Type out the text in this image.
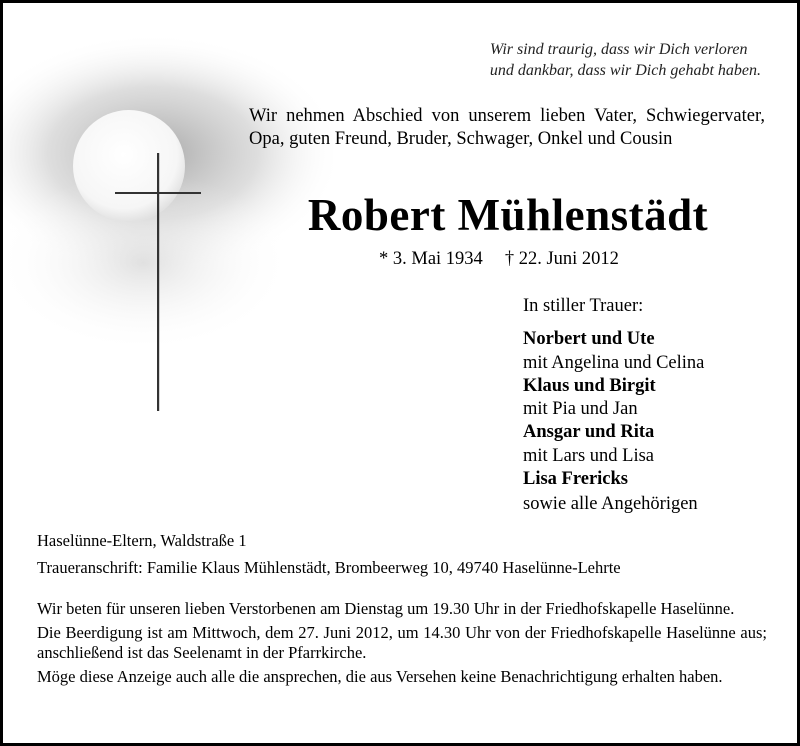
Wir sind traurig, dass wir Dich verloren
und dankbar, dass wir Dich gehabt haben.
Wir nehmen Abschied von unserem lieben Vater, Schwiegervater, Opa, guten Freund, Bruder, Schwager, Onkel und Cousin
Robert Mühlenstädt
* 3. Mai 1934 † 22. Juni 2012
In stiller Trauer:
Norbert und Ute
mit Angelina und Celina
Klaus und Birgit
mit Pia und Jan
Ansgar und Rita
mit Lars und Lisa
Lisa Frericks
sowie alle Angehörigen
Haselünne-Eltern, Waldstraße 1
Traueranschrift: Familie Klaus Mühlenstädt, Brombeerweg 10, 49740 Haselünne-Lehrte

Wir beten für unseren lieben Verstorbenen am Dienstag um 19.30 Uhr in der Friedhofskapelle Haselünne.

Die Beerdigung ist am Mittwoch, dem 27. Juni 2012, um 14.30 Uhr von der Friedhofskapelle Haselünne aus; anschließend ist das Seelenamt in der Pfarrkirche.

Möge diese Anzeige auch alle die ansprechen, die aus Versehen keine Benachrichtigung erhalten haben.
